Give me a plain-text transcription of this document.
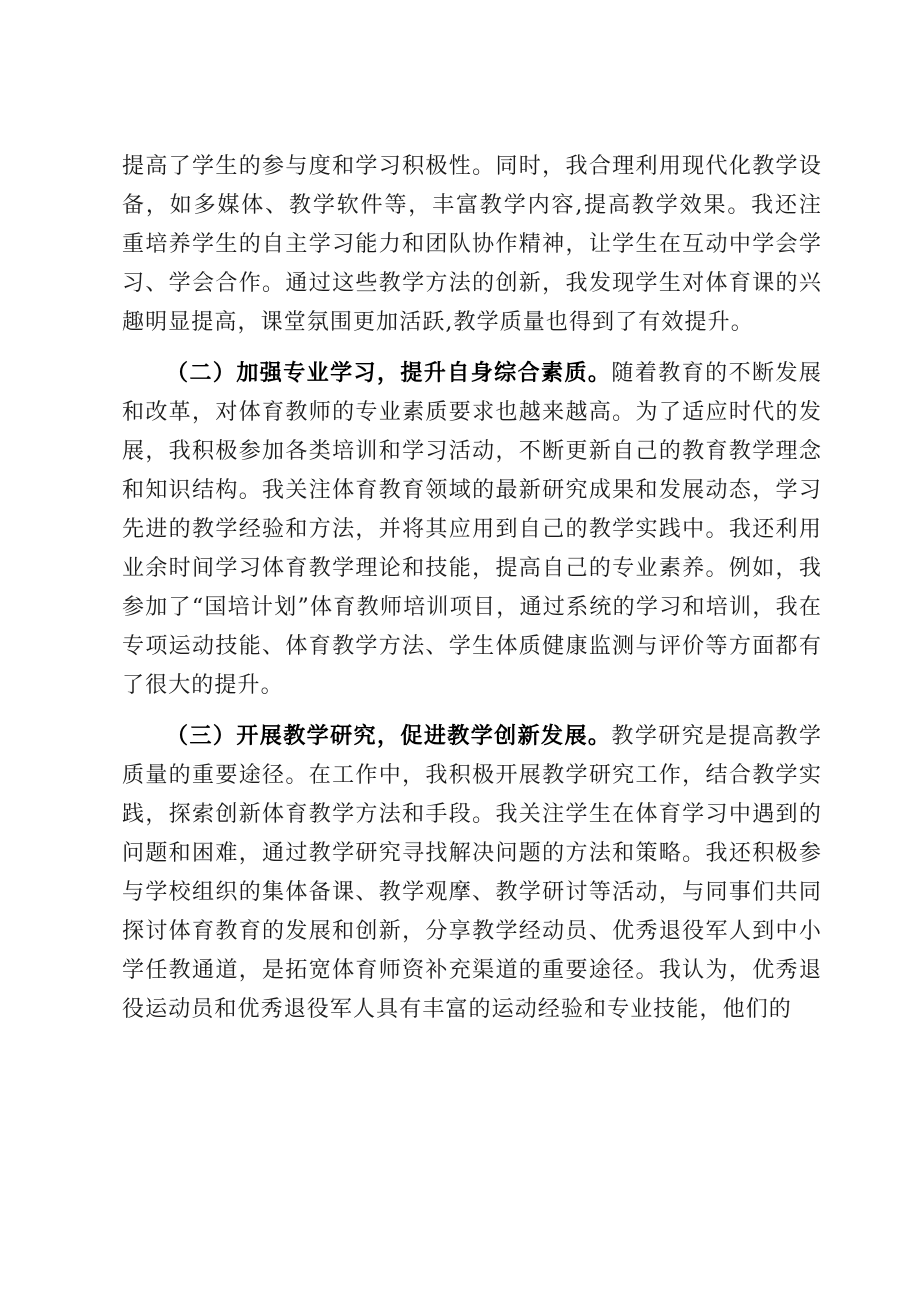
提高了学生的参与度和学习积极性。同时，我合理利用现代化教学设备，如多媒体、教学软件等，丰富教学内容,提高教学效果。我还注重培养学生的自主学习能力和团队协作精神，让学生在互动中学会学习、学会合作。通过这些教学方法的创新，我发现学生对体育课的兴趣明显提高，课堂氛围更加活跃,教学质量也得到了有效提升。

（二）加强专业学习，提升自身综合素质。随着教育的不断发展和改革，对体育教师的专业素质要求也越来越高。为了适应时代的发展，我积极参加各类培训和学习活动，不断更新自己的教育教学理念和知识结构。我关注体育教育领域的最新研究成果和发展动态，学习先进的教学经验和方法，并将其应用到自己的教学实践中。我还利用业余时间学习体育教学理论和技能，提高自己的专业素养。例如，我参加了“国培计划”体育教师培训项目，通过系统的学习和培训，我在专项运动技能、体育教学方法、学生体质健康监测与评价等方面都有了很大的提升。

（三）开展教学研究，促进教学创新发展。教学研究是提高教学质量的重要途径。在工作中，我积极开展教学研究工作，结合教学实践，探索创新体育教学方法和手段。我关注学生在体育学习中遇到的问题和困难，通过教学研究寻找解决问题的方法和策略。我还积极参与学校组织的集体备课、教学观摩、教学研讨等活动，与同事们共同探讨体育教育的发展和创新，分享教学经动员、优秀退役军人到中小学任教通道，是拓宽体育师资补充渠道的重要途径。我认为，优秀退役运动员和优秀退役军人具有丰富的运动经验和专业技能，他们的
